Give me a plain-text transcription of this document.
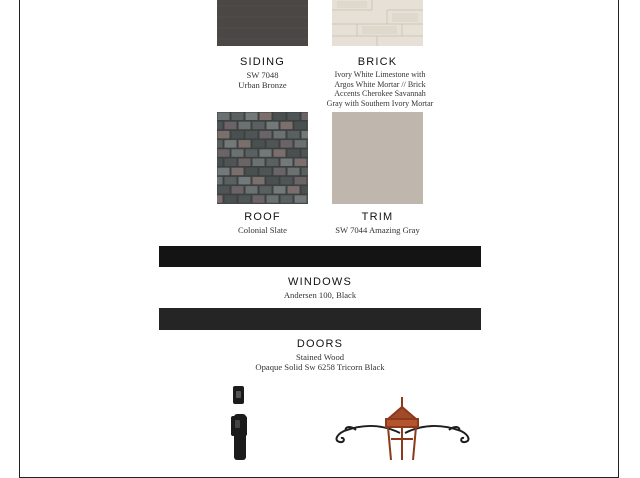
SIDING
SW 7048
Urban Bronze
BRICK
Ivory White Limestone with
Argos White Mortar // Brick
Accents Cherokee Savannah
Gray with Southern Ivory Mortar
ROOF
Colonial Slate
TRIM
SW 7044 Amazing Gray
WINDOWS
Andersen 100, Black
DOORS
Stained Wood
Opaque Solid Sw 6258 Tricorn Black
